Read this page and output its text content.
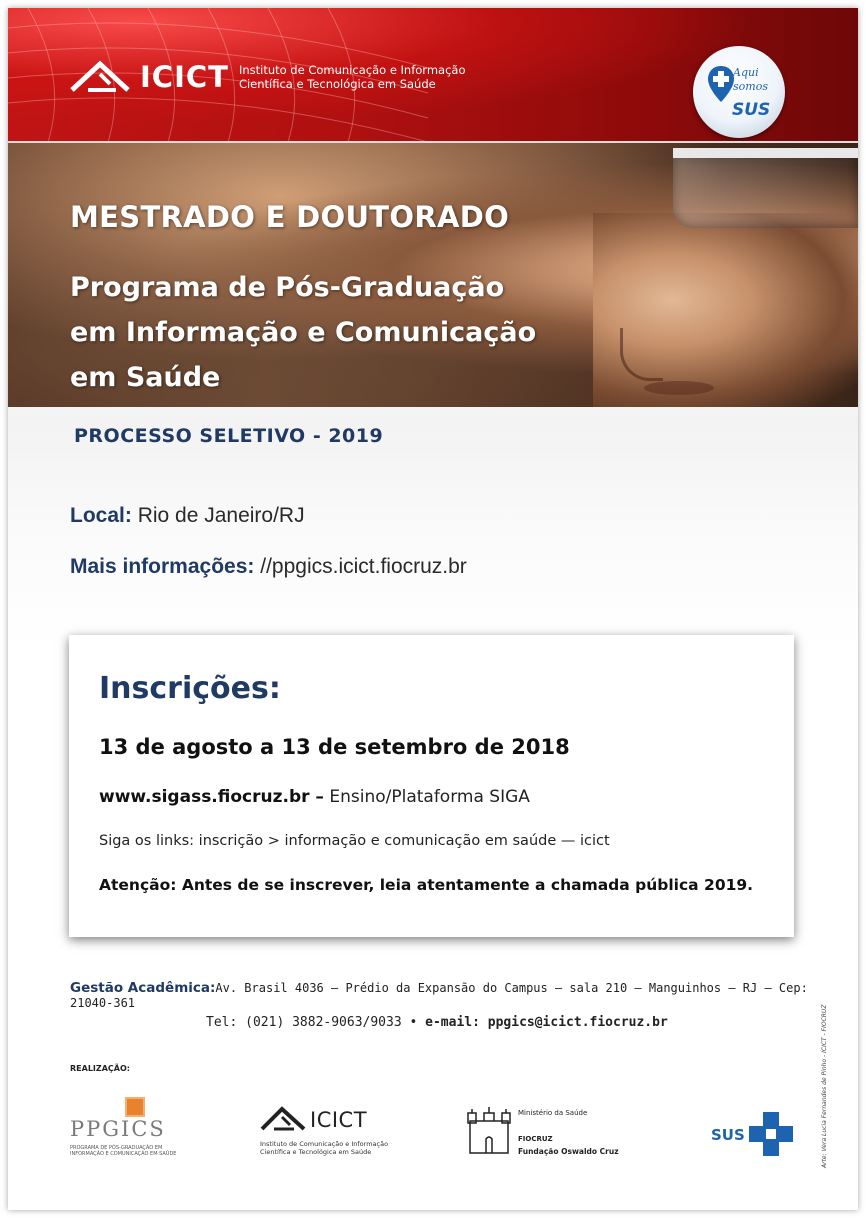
ICICT Instituto de Comunicação e Informação
Científica e Tecnológica em Saúde
Aqui
somos
SUS
MESTRADO E DOUTORADO
Programa de Pós-Graduação
em Informação e Comunicação
em Saúde
PROCESSO SELETIVO - 2019
Local: Rio de Janeiro/RJ
Mais informações: //ppgics.icict.fiocruz.br
Inscrições:
13 de agosto a 13 de setembro de 2018
www.sigass.fiocruz.br – Ensino/Plataforma SIGA
Siga os links: inscrição > informação e comunicação em saúde — icict
Atenção: Antes de se inscrever, leia atentamente a chamada pública 2019.
Gestão Acadêmica:Av. Brasil 4036 – Prédio da Expansão do Campus – sala 210 – Manguinhos – RJ – Cep: 21040-361
Tel: (021) 3882-9063/9033 • e-mail: ppgics@icict.fiocruz.br
REALIZAÇÃO:
PPGICS
PROGRAMA DE PÓS-GRADUAÇÃO EM
INFORMAÇÃO E COMUNICAÇÃO EM SAÚDE
ICICT
Instituto de Comunicação e Informação
Científica e Tecnológica em Saúde
Ministério da Saúde
FIOCRUZ
Fundação Oswaldo Cruz
SUS	Arte: Vera Lucia Fernandes de Pinho - ICICT - FIOCRUZ
